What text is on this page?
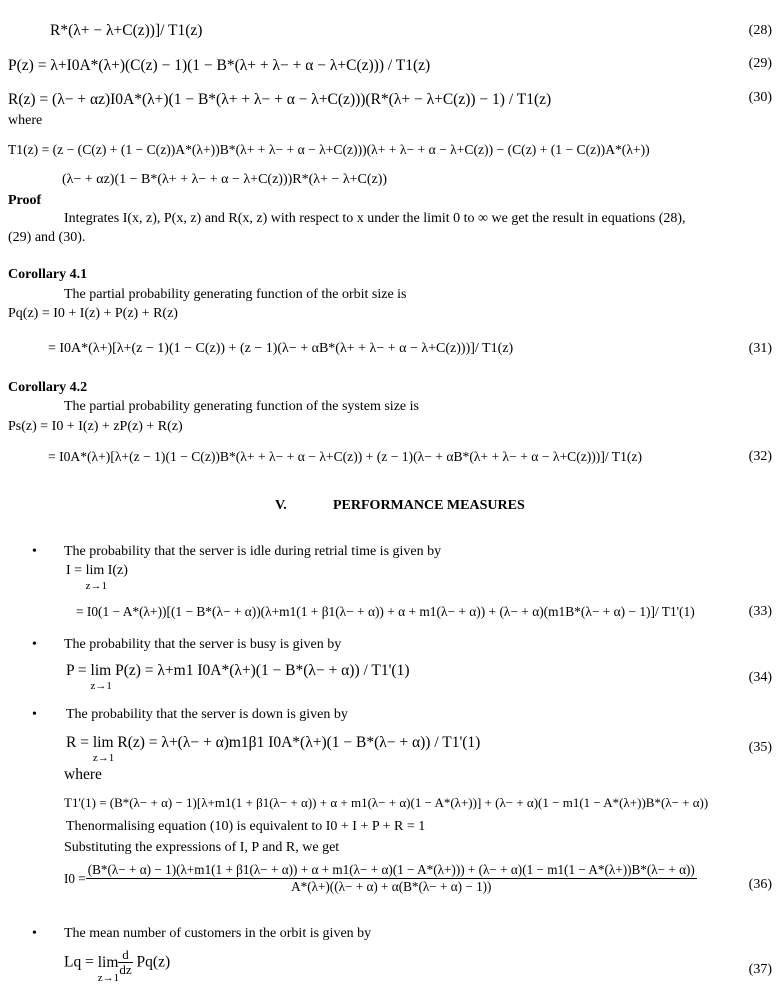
R*(λ+ − λ+C(z))]/ T1(z)	(28)
P(z) = λ+I0A*(λ+)(C(z) − 1)(1 − B*(λ+ + λ− + α − λ+C(z))) / T1(z)	(29)
R(z) = (λ− + αz)I0A*(λ+)(1 − B*(λ+ + λ− + α − λ+C(z)))(R*(λ+ − λ+C(z)) − 1) / T1(z)	(30)
where
T1(z) = (z − (C(z) + (1 − C(z))A*(λ+))B*(λ+ + λ− + α − λ+C(z)))(λ+ + λ− + α − λ+C(z)) − (C(z) + (1 − C(z))A*(λ+))
(λ− + αz)(1 − B*(λ+ + λ− + α − λ+C(z)))R*(λ+ − λ+C(z))
Proof
Integrates I(x, z), P(x, z) and R(x, z) with respect to x under the limit 0 to ∞ we get the result in equations (28),
(29) and (30).
Corollary 4.1
The partial probability generating function of the orbit size is
Pq(z) = I0 + I(z) + P(z) + R(z)
= I0A*(λ+)[λ+(z − 1)(1 − C(z)) + (z − 1)(λ− + αB*(λ+ + λ− + α − λ+C(z)))]/ T1(z)	(31)
Corollary 4.2
The partial probability generating function of the system size is
Ps(z) = I0 + I(z) + zP(z) + R(z)
= I0A*(λ+)[λ+(z − 1)(1 − C(z))B*(λ+ + λ− + α − λ+C(z)) + (z − 1)(λ− + αB*(λ+ + λ− + α − λ+C(z)))]/ T1(z)	(32)
V.	PERFORMANCE MEASURES
• The probability that the server is idle during retrial time is given by
I = lim
z→1
I(z)
= I0(1 − A*(λ+))[(1 − B*(λ− + α))(λ+m1(1 + β1(λ− + α)) + α + m1(λ− + α)) + (λ− + α)(m1B*(λ− + α) − 1)]/ T1'(1)	(33)
• The probability that the server is busy is given by
P = lim
z→1
P(z) = λ+m1 I0A*(λ+)(1 − B*(λ− + α)) / T1'(1)	(34)
• The probability that the server is down is given by
R = lim
z→1
R(z) = λ+(λ− + α)m1β1 I0A*(λ+)(1 − B*(λ− + α)) / T1'(1)	(35)
where
T1'(1) = (B*(λ− + α) − 1)[λ+m1(1 + β1(λ− + α)) + α + m1(λ− + α)(1 − A*(λ+))] + (λ− + α)(1 − m1(1 − A*(λ+))B*(λ− + α))
Thenormalising equation (10) is equivalent to I0 + I + P + R = 1
Substituting the expressions of I, P and R, we get
I0 =
(B*(λ− + α) − 1)(λ+m1(1 + β1(λ− + α)) + α + m1(λ− + α)(1 − A*(λ+))) + (λ− + α)(1 − m1(1 − A*(λ+))B*(λ− + α))
A*(λ+)((λ− + α) + α(B*(λ− + α) − 1))	(36)
• The mean number of customers in the orbit is given by
Lq = lim
z→1
$\frac{d}{dz} Pq(z)$	(37)
